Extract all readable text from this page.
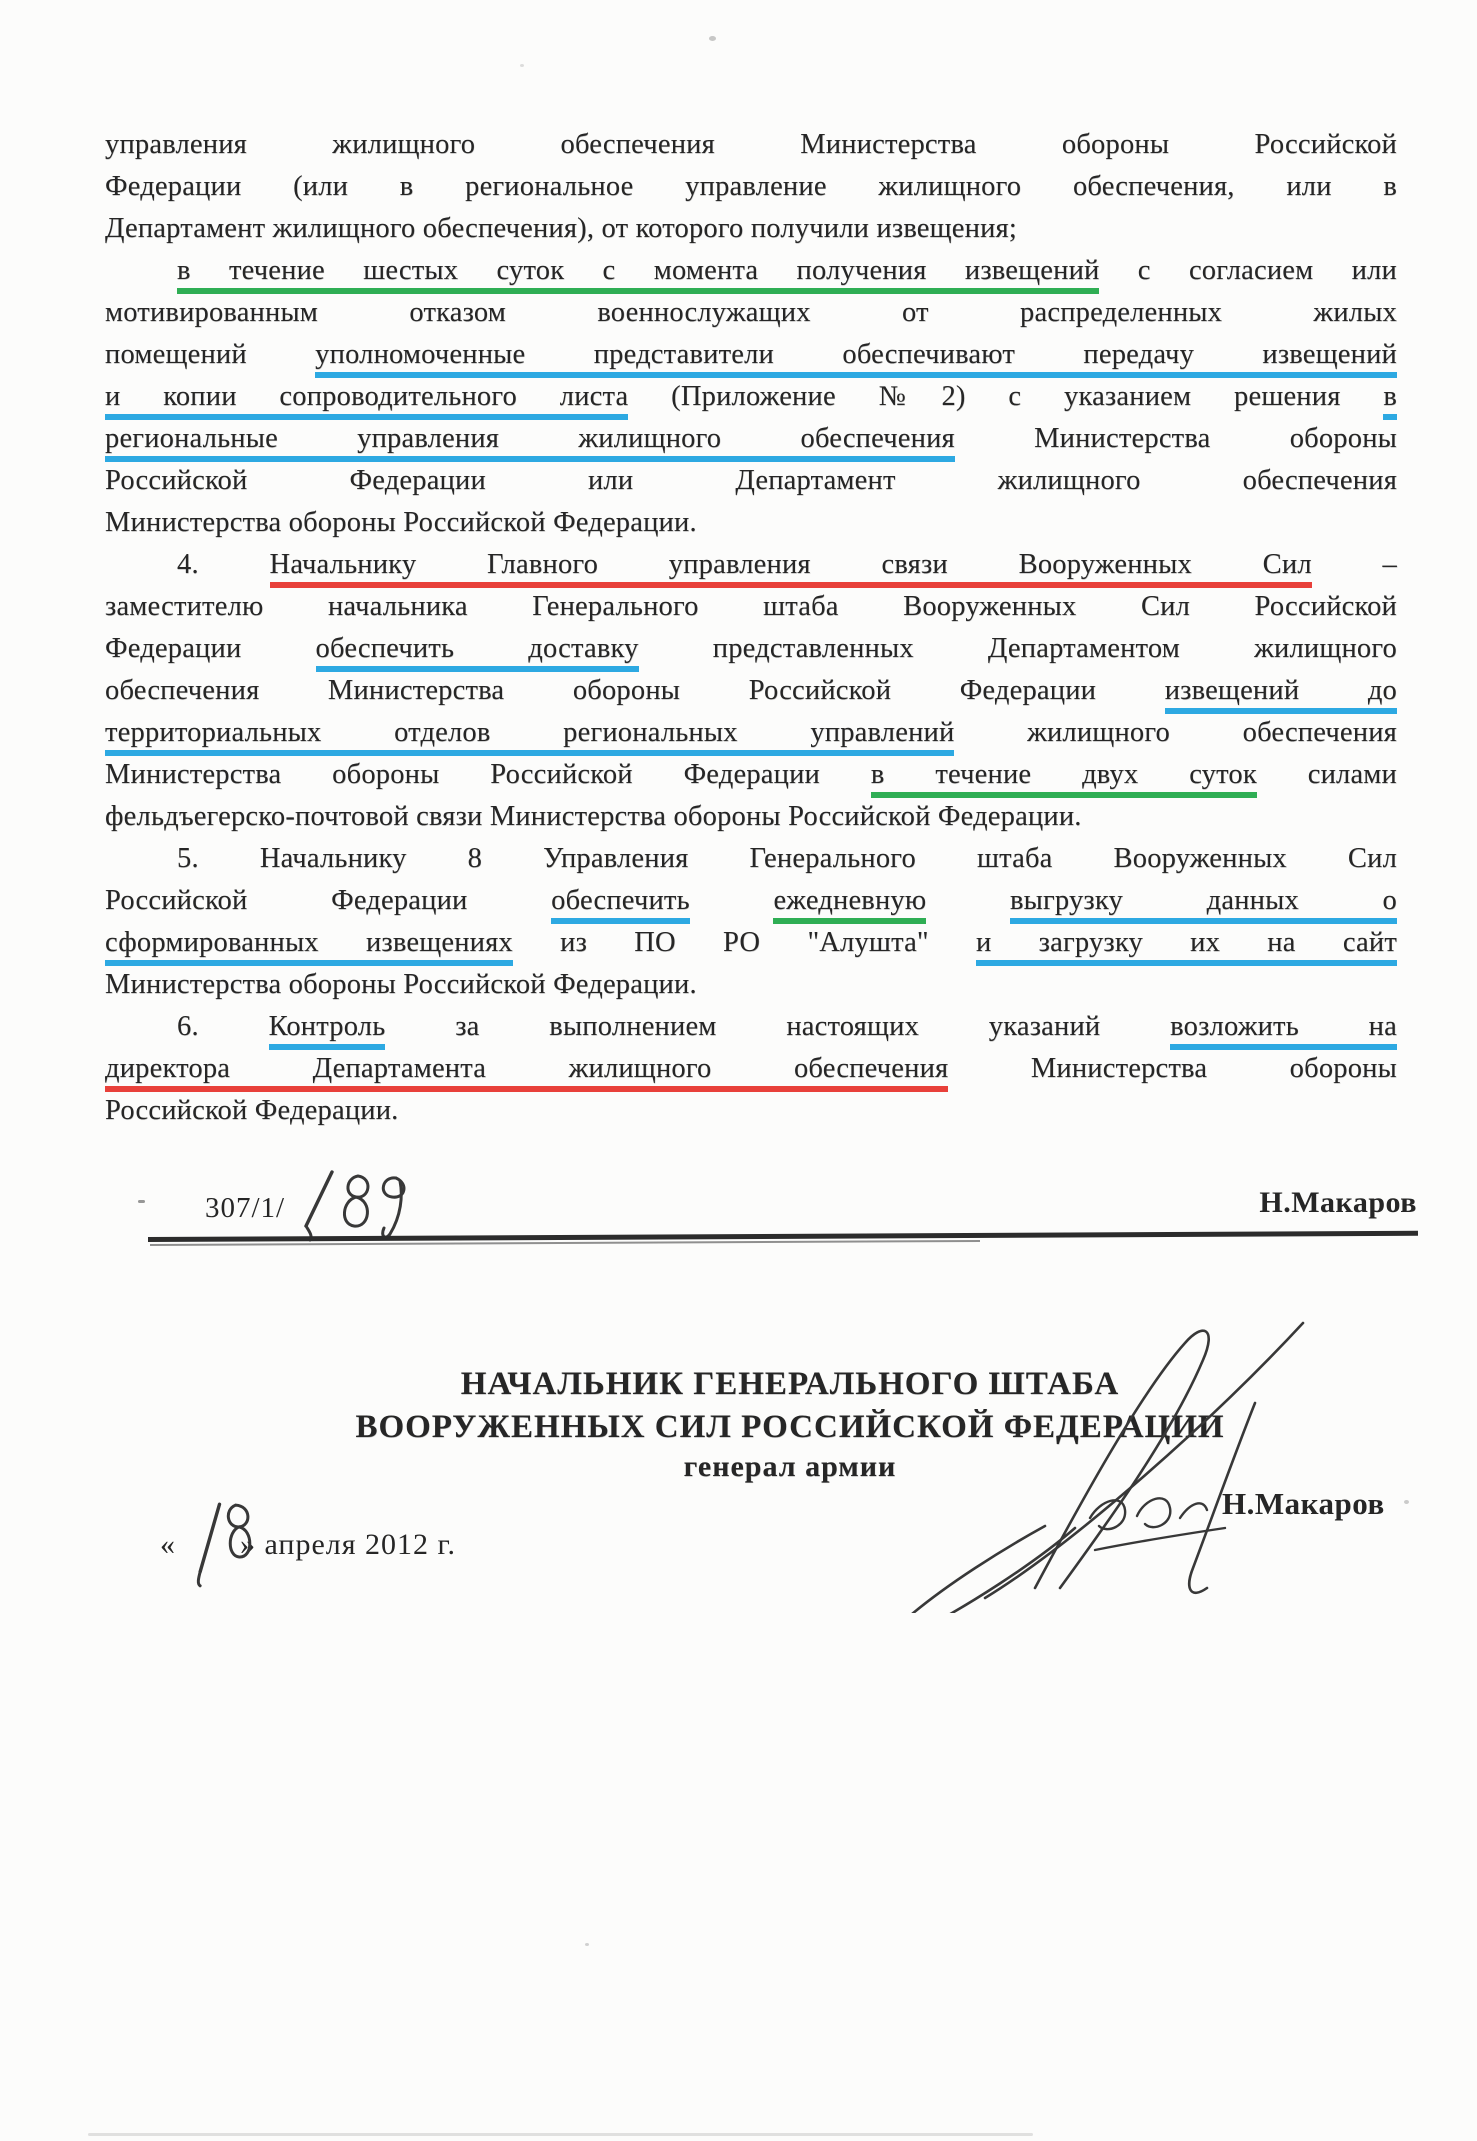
управления жилищного обеспечения Министерства обороны Российской
Федерации (или в региональное управление жилищного обеспечения, или в
Департамент жилищного обеспечения), от которого получили извещения;
в течение шестых суток с момента получения извещений с согласием или
мотивированным отказом военнослужащих от распределенных жилых
помещений уполномоченные представители обеспечивают передачу извещений
и копии сопроводительного листа (Приложение №2) с указанием решения в
региональные управления жилищного обеспечения Министерства обороны
Российской Федерации или Департамент жилищного обеспечения
Министерства обороны Российской Федерации.
4. Начальнику Главного управления связи Вооруженных Сил –
заместителю начальника Генерального штаба Вооруженных Сил Российской
Федерации обеспечить доставку представленных Департаментом жилищного
обеспечения Министерства обороны Российской Федерации извещений до
территориальных отделов региональных управлений жилищного обеспечения
Министерства обороны Российской Федерации в течение двух суток силами
фельдъегерско-почтовой связи Министерства обороны Российской Федерации.
5. Начальнику 8 Управления Генерального штаба Вооруженных Сил
Российской Федерации обеспечить	ежедневную	выгрузку данных о
сформированных извещениях из ПО РО "Алушта" и загрузку их на сайт
Министерства обороны Российской Федерации.
6. Контроль за выполнением настоящих указаний возложить на
директора Департамента жилищного обеспечения Министерства обороны
Российской Федерации.
307/1/	Н.Макаров
НАЧАЛЬНИК ГЕНЕРАЛЬНОГО ШТАБА
ВООРУЖЕННЫХ СИЛ РОССИЙСКОЙ ФЕДЕРАЦИИ
генерал армии
Н.Макаров
« » апреля 2012 г.
